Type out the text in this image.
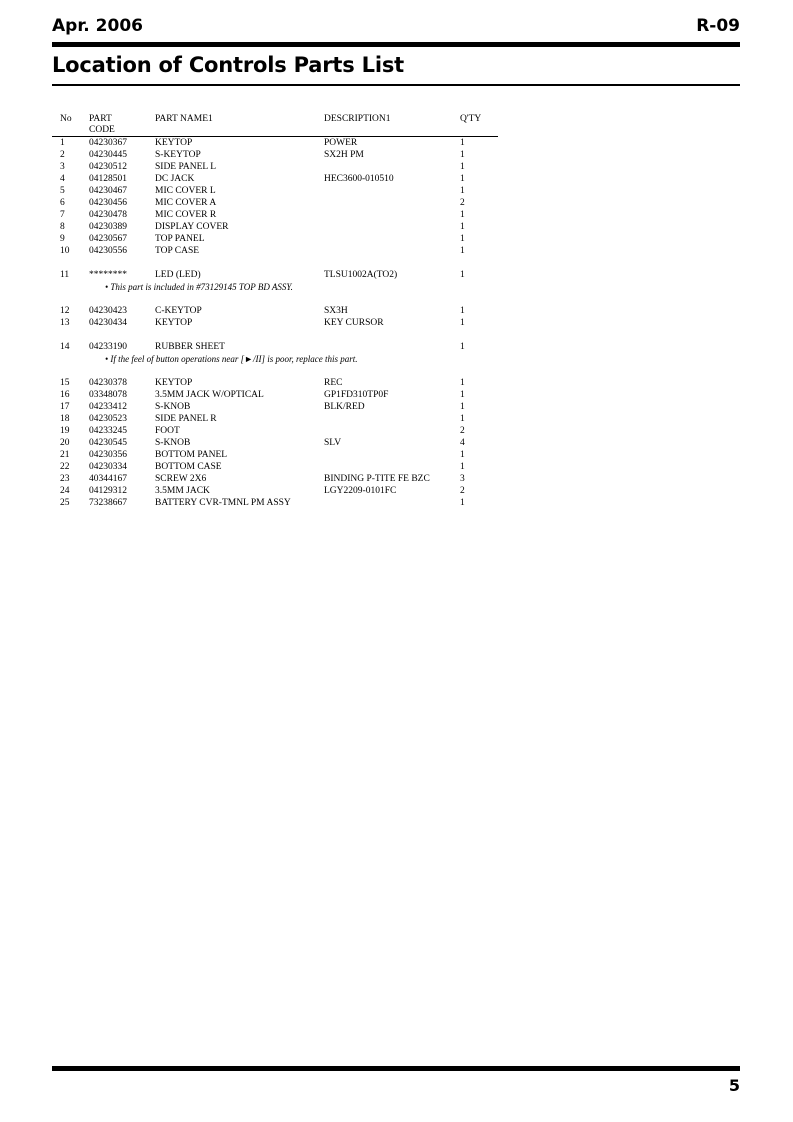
Apr. 2006	R-09
Location of Controls Parts List
No PART
CODE
PART NAME1	DESCRIPTION1	Q'TY
1	04230367	KEYTOP	POWER	1
2	04230445	S-KEYTOP	SX2H PM	1
3	04230512	SIDE PANEL L	1
4	04128501	DC JACK	HEC3600-010510	1
5	04230467	MIC COVER L	1
6	04230456	MIC COVER A	2
7	04230478	MIC COVER R	1
8	04230389	DISPLAY COVER	1
9	04230567	TOP PANEL	1
10 04230556	TOP CASE	1
11 ********	LED (LED)	TLSU1002A(TO2)	1
• This part is included in #73129145 TOP BD ASSY.
12 04230423	C-KEYTOP	SX3H	1
13 04230434	KEYTOP	KEY CURSOR	1
14 04233190	RUBBER SHEET	1
• If the feel of button operations near [►/II] is poor, replace this part.
15 04230378	KEYTOP	REC	1
16 03348078	3.5MM JACK W/OPTICAL	GP1FD310TP0F	1
17 04233412	S-KNOB	BLK/RED	1
18 04230523	SIDE PANEL R	1
19 04233245	FOOT	2
20 04230545	S-KNOB	SLV	4
21 04230356	BOTTOM PANEL	1
22 04230334	BOTTOM CASE	1
23 40344167	SCREW 2X6	BINDING P-TITE FE BZC	3
24 04129312	3.5MM JACK	LGY2209-0101FC	2
25 73238667	BATTERY CVR-TMNL PM ASSY	1
5
